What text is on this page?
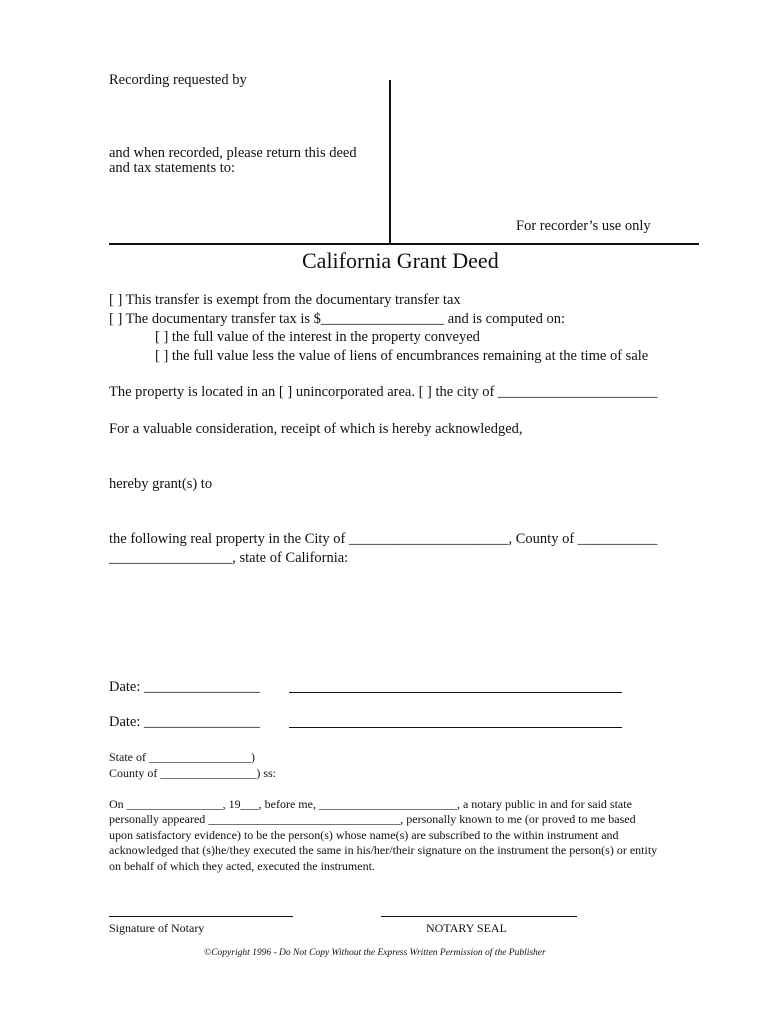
Recording requested by
and when recorded, please return this deed
and tax statements to:
For recorder’s use only
California Grant Deed
[ ] This transfer is exempt from the documentary transfer tax
[ ] The documentary transfer tax is $_________________ and is computed on:
[ ] the full value of the interest in the property conveyed
[ ] the full value less the value of liens of encumbrances remaining at the time of sale
The property is located in an [ ] unincorporated area. [ ] the city of ______________________
For a valuable consideration, receipt of which is hereby acknowledged,
hereby grant(s) to
the following real property in the City of ______________________, County of ___________
_________________, state of California:
Date: ________________
Date: ________________
State of _________________)
County of ________________) ss:
On ________________, 19___, before me, _______________________, a notary public in and for said state
personally appeared ________________________________, personally known to me (or proved to me based
upon satisfactory evidence) to be the person(s) whose name(s) are subscribed to the within instrument and
acknowledged that (s)he/they executed the same in his/her/their signature on the instrument the person(s) or entity
on behalf of which they acted, executed the instrument.
Signature of Notary	NOTARY SEAL
©Copyright 1996 - Do Not Copy Without the Express Written Permission of the Publisher
